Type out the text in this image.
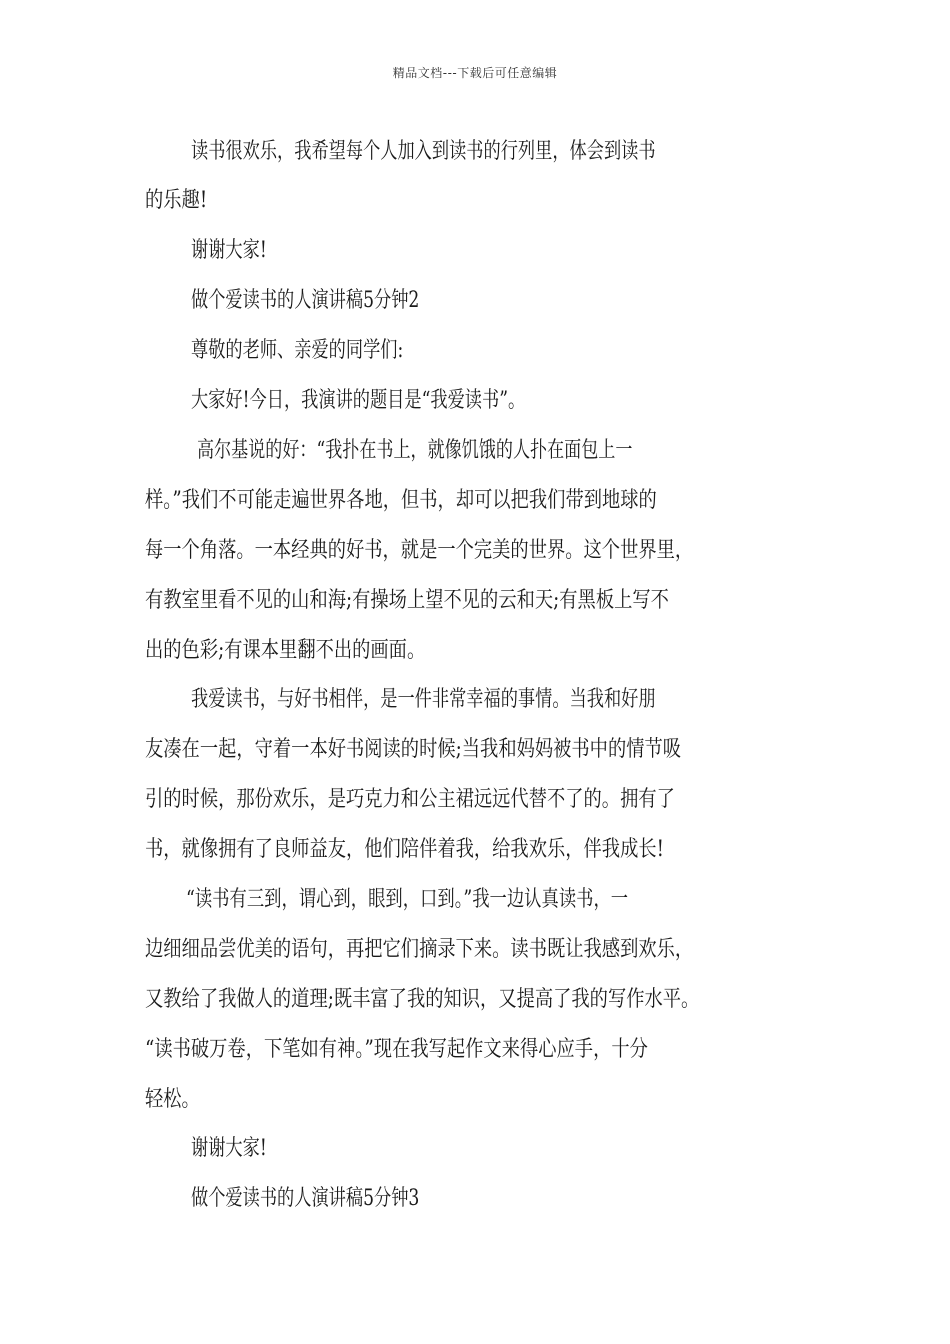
精品文档---下载后可任意编辑
读书很欢乐，我希望每个人加入到读书的行列里，体会到读书
的乐趣!
谢谢大家!
做个爱读书的人演讲稿5分钟2
尊敬的老师、亲爱的同学们:
大家好!今日，我演讲的题目是“我爱读书”。
高尔基说的好：“我扑在书上，就像饥饿的人扑在面包上一
样。”我们不可能走遍世界各地，但书，却可以把我们带到地球的
每一个角落。一本经典的好书，就是一个完美的世界。这个世界里，
有教室里看不见的山和海;有操场上望不见的云和天;有黑板上写不
出的色彩;有课本里翻不出的画面。
我爱读书，与好书相伴，是一件非常幸福的事情。当我和好朋
友凑在一起，守着一本好书阅读的时候;当我和妈妈被书中的情节吸
引的时候，那份欢乐，是巧克力和公主裙远远代替不了的。拥有了
书，就像拥有了良师益友，他们陪伴着我，给我欢乐，伴我成长!
“读书有三到，谓心到，眼到，口到。”我一边认真读书，一
边细细品尝优美的语句，再把它们摘录下来。读书既让我感到欢乐，
又教给了我做人的道理;既丰富了我的知识，又提高了我的写作水平。
“读书破万卷，下笔如有神。”现在我写起作文来得心应手，十分
轻松。
谢谢大家!
做个爱读书的人演讲稿5分钟3
